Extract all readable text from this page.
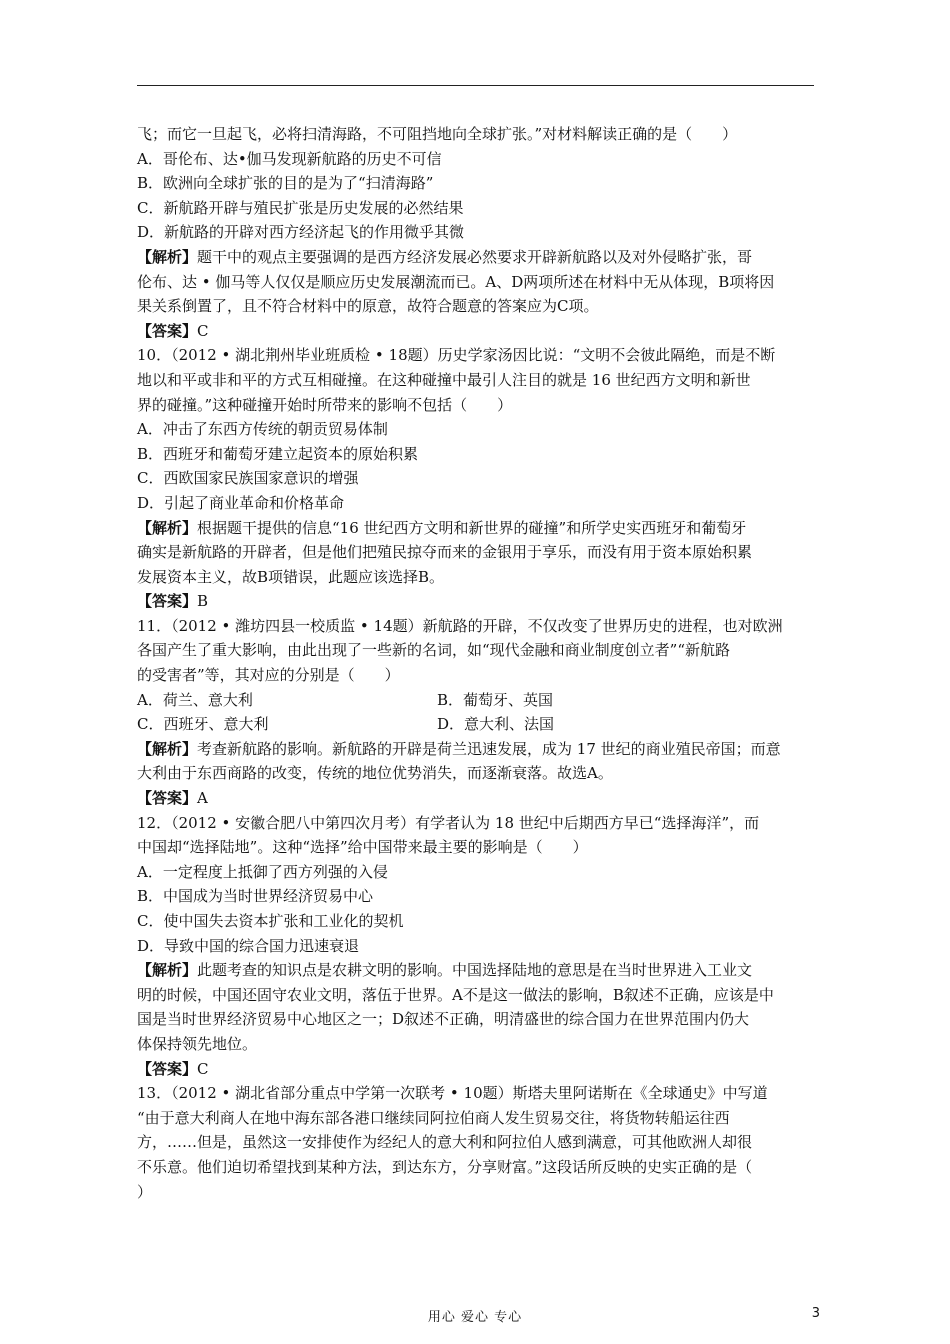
飞；而它一旦起飞，必将扫清海路，不可阻挡地向全球扩张。”对材料解读正确的是（　　）
A．哥伦布、达•伽马发现新航路的历史不可信
B．欧洲向全球扩张的目的是为了“扫清海路”
C．新航路开辟与殖民扩张是历史发展的必然结果
D．新航路的开辟对西方经济起飞的作用微乎其微
【解析】题干中的观点主要强调的是西方经济发展必然要求开辟新航路以及对外侵略扩张，哥
伦布、达 • 伽马等人仅仅是顺应历史发展潮流而已。A、D两项所述在材料中无从体现，B项将因
果关系倒置了，且不符合材料中的原意，故符合题意的答案应为C项。
【答案】C
10．（2012 • 湖北荆州毕业班质检 • 18题）历史学家汤因比说：“文明不会彼此隔绝，而是不断
地以和平或非和平的方式互相碰撞。在这种碰撞中最引人注目的就是 16 世纪西方文明和新世
界的碰撞。”这种碰撞开始时所带来的影响不包括（　　）
A．冲击了东西方传统的朝贡贸易体制
B．西班牙和葡萄牙建立起资本的原始积累
C．西欧国家民族国家意识的增强
D．引起了商业革命和价格革命
【解析】根据题干提供的信息“16 世纪西方文明和新世界的碰撞”和所学史实西班牙和葡萄牙
确实是新航路的开辟者，但是他们把殖民掠夺而来的金银用于享乐，而没有用于资本原始积累
发展资本主义，故B项错误，此题应该选择B。
【答案】B
11．（2012 • 潍坊四县一校质监 • 14题）新航路的开辟，不仅改变了世界历史的进程，也对欧洲
各国产生了重大影响，由此出现了一些新的名词，如“现代金融和商业制度创立者”“新航路
的受害者”等，其对应的分别是（　　）
A．荷兰、意大利	B．葡萄牙、英国
C．西班牙、意大利	D．意大利、法国
【解析】考查新航路的影响。新航路的开辟是荷兰迅速发展，成为 17 世纪的商业殖民帝国；而意
大利由于东西商路的改变，传统的地位优势消失，而逐渐衰落。故选A。
【答案】A
12．（2012 • 安徽合肥八中第四次月考）有学者认为 18 世纪中后期西方早已“选择海洋”，而
中国却“选择陆地”。这种“选择”给中国带来最主要的影响是（　　）
A．一定程度上抵御了西方列强的入侵
B．中国成为当时世界经济贸易中心
C．使中国失去资本扩张和工业化的契机
D．导致中国的综合国力迅速衰退
【解析】此题考查的知识点是农耕文明的影响。中国选择陆地的意思是在当时世界进入工业文
明的时候，中国还固守农业文明，落伍于世界。A不是这一做法的影响，B叙述不正确，应该是中
国是当时世界经济贸易中心地区之一；D叙述不正确，明清盛世的综合国力在世界范围内仍大
体保持领先地位。
【答案】C
13．（2012 • 湖北省部分重点中学第一次联考 • 10题）斯塔夫里阿诺斯在《全球通史》中写道
“由于意大利商人在地中海东部各港口继续同阿拉伯商人发生贸易交往，将货物转船运往西
方，……但是，虽然这一安排使作为经纪人的意大利和阿拉伯人感到满意，可其他欧洲人却很
不乐意。他们迫切希望找到某种方法，到达东方，分享财富。”这段话所反映的史实正确的是（
）
用心 爱心 专心	3
